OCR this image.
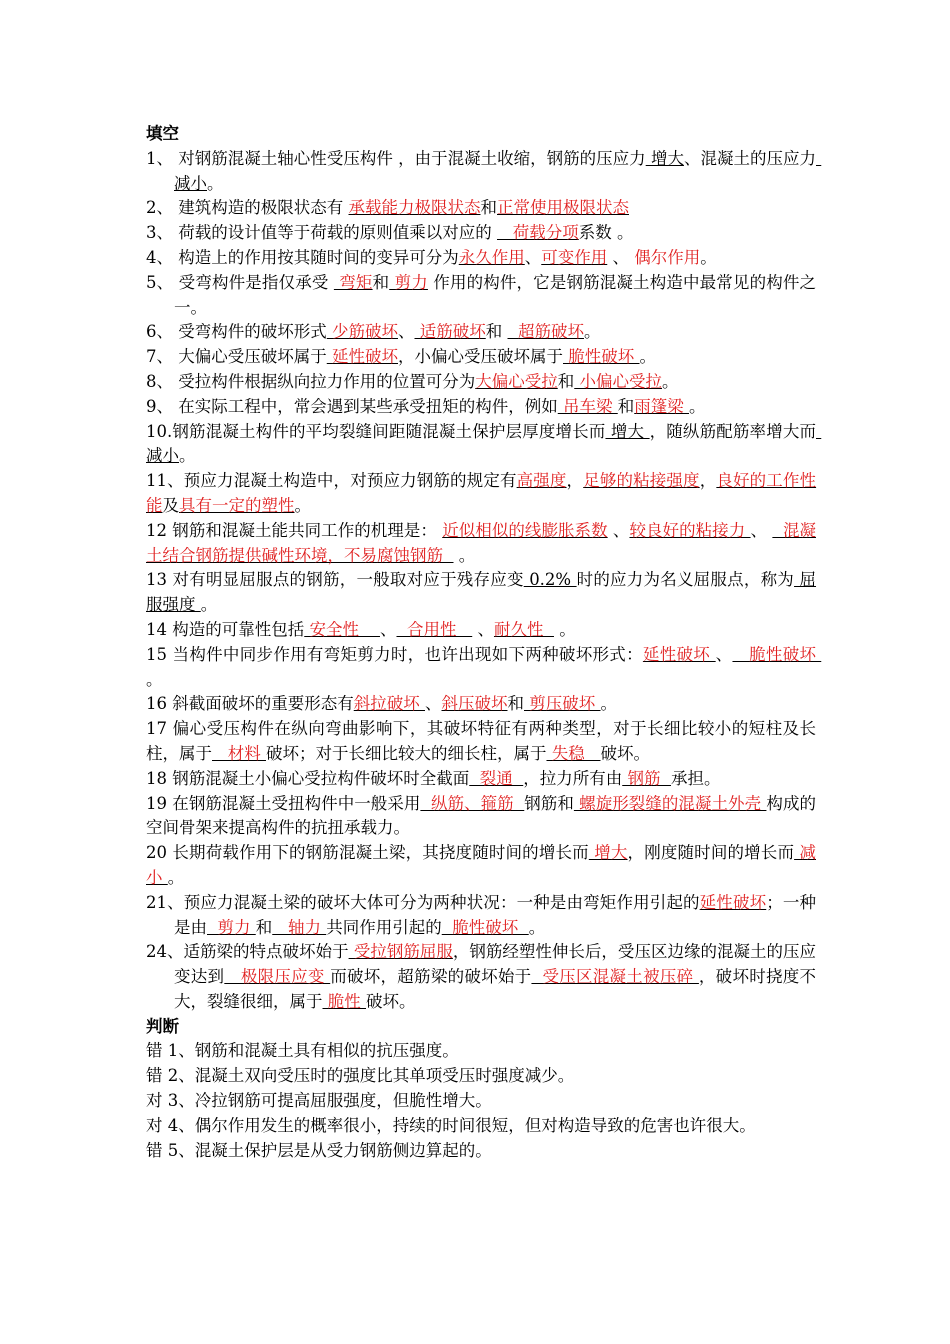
填空
1、 对钢筋混凝土轴心性受压构件 ，由于混凝土收缩，钢筋的压应力 增大、混凝土的压应力 减小。
2、 建筑构造的极限状态有 承载能力极限状态和正常使用极限状态
3、 荷载的设计值等于荷载的原则值乘以对应的    荷载分项系数 。
4、 构造上的作用按其随时间的变异可分为永久作用、可变作用 、 偶尔作用。
5、 受弯构件是指仅承受  弯矩和 剪力 作用的构件，它是钢筋混凝土构造中最常见的构件之一。
6、 受弯构件的破坏形式 少筋破坏、 适筋破坏和   超筋破坏。
7、 大偏心受压破坏属于 延性破坏，小偏心受压破坏属于 脆性破坏 。
8、 受拉构件根据纵向拉力作用的位置可分为大偏心受拉和 小偏心受拉。
9、 在实际工程中，常会遇到某些承受扭矩的构件，例如 吊车梁 和雨篷梁 。
10.钢筋混凝土构件的平均裂缝间距随混凝土保护层厚度增长而 增大 ，随纵筋配筋率增大而 减小。
11、预应力混凝土构造中，对预应力钢筋的规定有高强度，足够的粘接强度，良好的工作性能及具有一定的塑性。
12 钢筋和混凝土能共同工作的机理是： 近似相似的线膨胀系数 、较良好的粘接力 、   混凝土结合钢筋提供碱性环境，不易腐蚀钢筋   。
13 对有明显屈服点的钢筋，一般取对应于残存应变 0.2% 时的应力为名义屈服点，称为 屈服强度 。
14 构造的可靠性包括 安全性    、  合用性    、耐久性   。
15 当构件中同步作用有弯矩剪力时，也许出现如下两种破坏形式：延性破坏 、   脆性破坏 。
16 斜截面破坏的重要形态有斜拉破坏 、斜压破坏和 剪压破坏 。
17 偏心受压构件在纵向弯曲影响下，其破坏特征有两种类型，对于长细比较小的短柱及长柱，属于   材料 破坏；对于长细比较大的细长柱，属于 失稳   破坏。
18 钢筋混凝土小偏心受拉构件破坏时全截面  裂通  ，拉力所有由 钢筋  承担。
19 在钢筋混凝土受扭构件中一般采用  纵筋、箍筋  钢筋和 螺旋形裂缝的混凝土外壳 构成的空间骨架来提高构件的抗扭承载力。
20 长期荷载作用下的钢筋混凝土梁，其挠度随时间的增长而 增大，刚度随时间的增长而 减小 。
21、预应力混凝土梁的破坏大体可分为两种状况：一种是由弯矩作用引起的延性破坏；一种是由  剪力 和   轴力 共同作用引起的  脆性破坏  。
24、适筋梁的特点破坏始于 受拉钢筋屈服，钢筋经塑性伸长后，受压区边缘的混凝土的压应变达到   极限压应变 而破坏，超筋梁的破坏始于  受压区混凝土被压碎 ，破坏时挠度不大，裂缝很细，属于 脆性 破坏。
判断
错 1、钢筋和混凝土具有相似的抗压强度。
错 2、混凝土双向受压时的强度比其单项受压时强度减少。
对 3、冷拉钢筋可提高屈服强度，但脆性增大。
对 4、偶尔作用发生的概率很小，持续的时间很短，但对构造导致的危害也许很大。
错 5、混凝土保护层是从受力钢筋侧边算起的。
